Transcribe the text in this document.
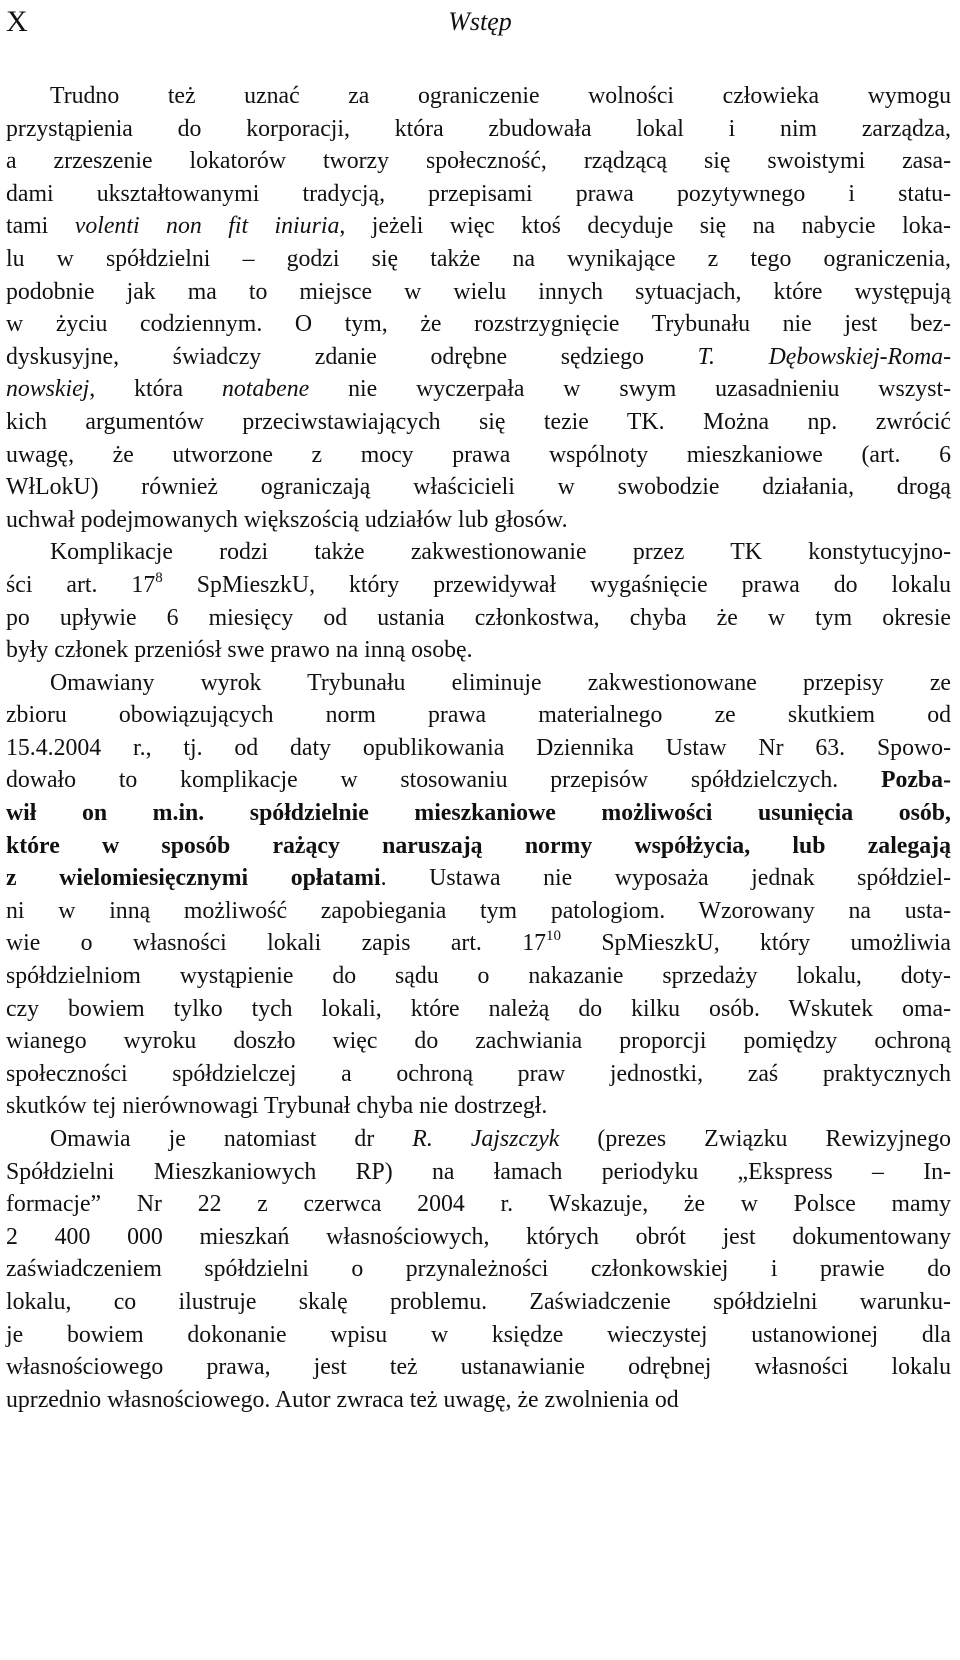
X	Wstęp
Trudno też uznać za ograniczenie wolności człowieka wymogu
przystąpienia do korporacji, która zbudowała lokal i nim zarządza,
a zrzeszenie lokatorów tworzy społeczność, rządzącą się swoistymi zasa-
dami ukształtowanymi tradycją, przepisami prawa pozytywnego i statu-
tami volenti non fit iniuria, jeżeli więc ktoś decyduje się na nabycie loka-
lu w spółdzielni – godzi się także na wynikające z tego ograniczenia,
podobnie jak ma to miejsce w wielu innych sytuacjach, które występują
w życiu codziennym. O tym, że rozstrzygnięcie Trybunału nie jest bez-
dyskusyjne, świadczy zdanie odrębne sędziego T. Dębowskiej-Roma-
nowskiej, która notabene nie wyczerpała w swym uzasadnieniu wszyst-
kich argumentów przeciwstawiających się tezie TK. Można np. zwrócić
uwagę, że utworzone z mocy prawa wspólnoty mieszkaniowe (art. 6
WłLokU) również ograniczają właścicieli w swobodzie działania, drogą
uchwał podejmowanych większością udziałów lub głosów.
Komplikacje rodzi także zakwestionowanie przez TK konstytucyjno-
ści art. $17^8$ SpMieszkU, który przewidywał wygaśnięcie prawa do lokalu
po upływie 6 miesięcy od ustania członkostwa, chyba że w tym okresie
były członek przeniósł swe prawo na inną osobę.
Omawiany wyrok Trybunału eliminuje zakwestionowane przepisy ze
zbioru obowiązujących norm prawa materialnego ze skutkiem od
15.4.2004 r., tj. od daty opublikowania Dziennika Ustaw Nr 63. Spowo-
dowało to komplikacje w stosowaniu przepisów spółdzielczych. Pozba-
wił on m.in. spółdzielnie mieszkaniowe możliwości usunięcia osób,
które w sposób rażący naruszają normy współżycia, lub zalegają
z wielomiesięcznymi opłatami. Ustawa nie wyposaża jednak spółdziel-
ni w inną możliwość zapobiegania tym patologiom. Wzorowany na usta-
wie o własności lokali zapis art. $17^{10}$ SpMieszkU, który umożliwia
spółdzielniom wystąpienie do sądu o nakazanie sprzedaży lokalu, doty-
czy bowiem tylko tych lokali, które należą do kilku osób. Wskutek oma-
wianego wyroku doszło więc do zachwiania proporcji pomiędzy ochroną
społeczności spółdzielczej a ochroną praw jednostki, zaś praktycznych
skutków tej nierównowagi Trybunał chyba nie dostrzegł.
Omawia je natomiast dr R. Jajszczyk (prezes Związku Rewizyjnego
Spółdzielni Mieszkaniowych RP) na łamach periodyku „Ekspress – In-
formacje” Nr 22 z czerwca 2004 r. Wskazuje, że w Polsce mamy
2 400 000 mieszkań własnościowych, których obrót jest dokumentowany
zaświadczeniem spółdzielni o przynależności członkowskiej i prawie do
lokalu, co ilustruje skalę problemu. Zaświadczenie spółdzielni warunku-
je bowiem dokonanie wpisu w księdze wieczystej ustanowionej dla
własnościowego prawa, jest też ustanawianie odrębnej własności lokalu
uprzednio własnościowego. Autor zwraca też uwagę, że zwolnienia od
